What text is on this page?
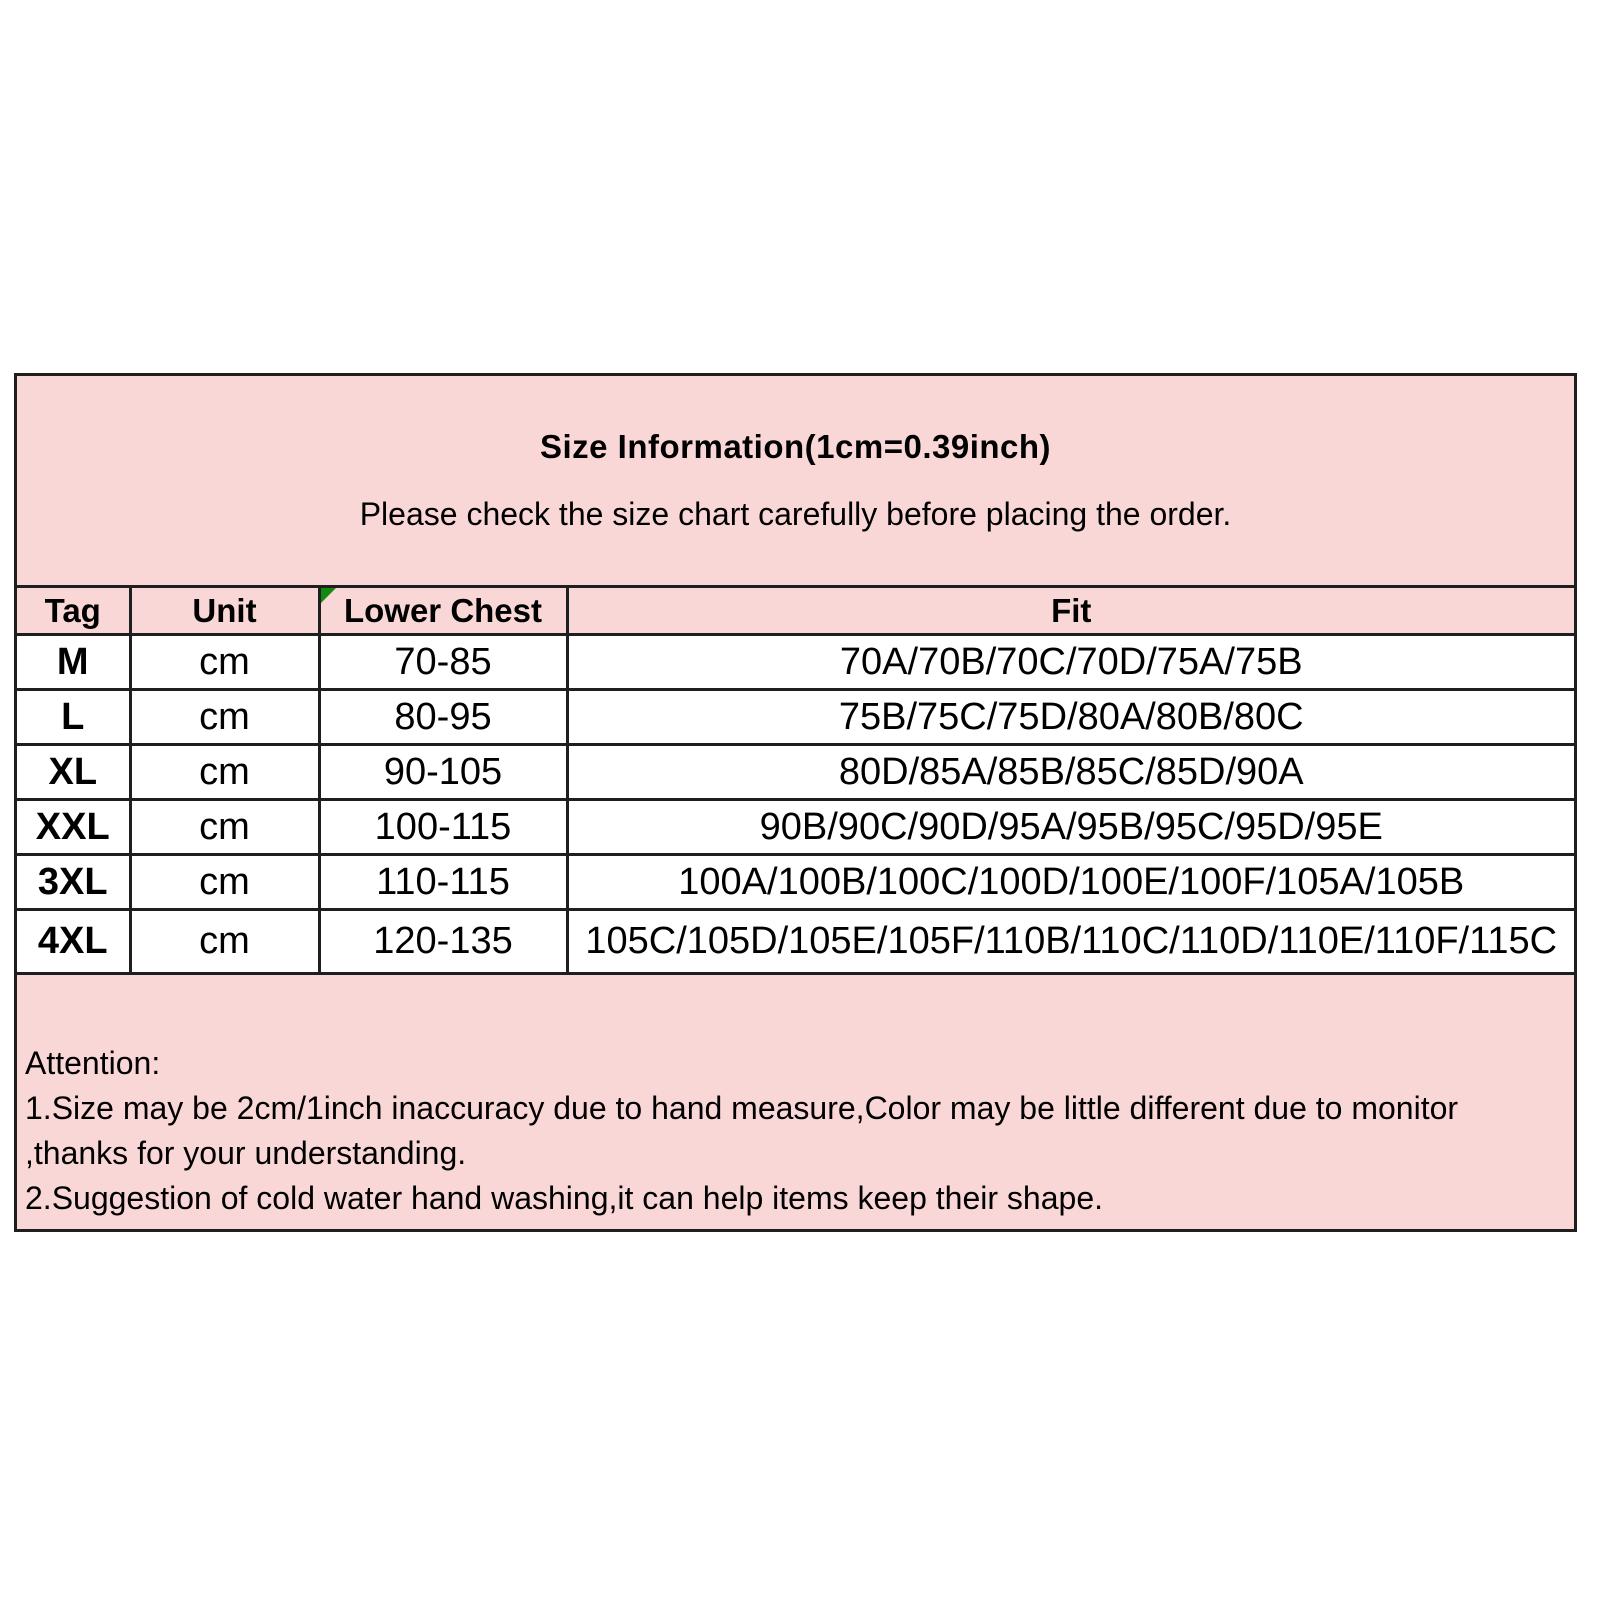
Size Information(1cm=0.39inch)
Please check the size chart carefully before placing the order.
Tag	Unit	Lower Chest	Fit
M	cm	70-85	70A/70B/70C/70D/75A/75B
L	cm	80-95	75B/75C/75D/80A/80B/80C
XL	cm	90-105	80D/85A/85B/85C/85D/90A
XXL	cm	100-115	90B/90C/90D/95A/95B/95C/95D/95E
3XL	cm	110-115	100A/100B/100C/100D/100E/100F/105A/105B
4XL	cm	120-135	105C/105D/105E/105F/110B/110C/110D/110E/110F/115C
Attention:
1.Size may be 2cm/1inch inaccuracy due to hand measure,Color may be little different due to monitor ,thanks for your understanding.
2.Suggestion of cold water hand washing,it can help items keep their shape.
